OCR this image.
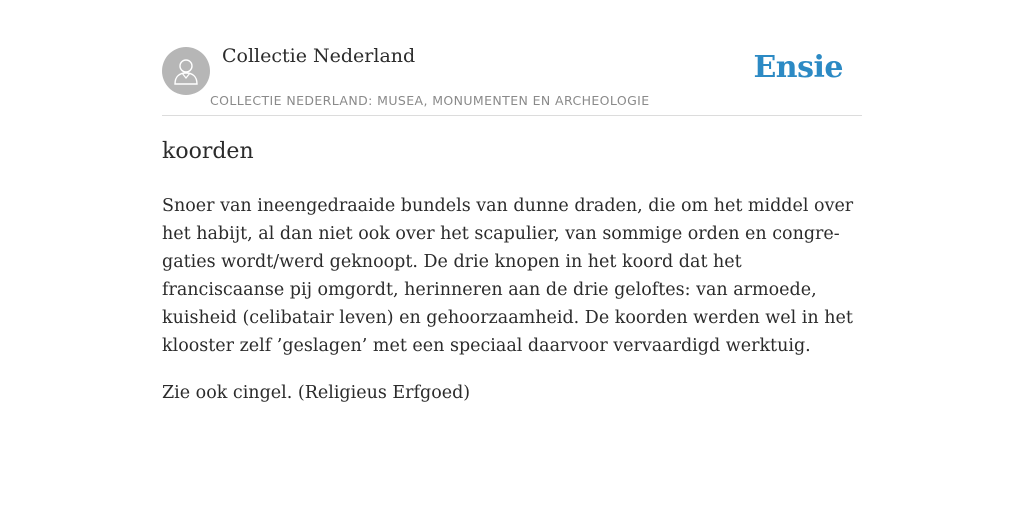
Collectie Nederland
COLLECTIE NEDERLAND: MUSEA, MONUMENTEN EN ARCHEOLOGIE
Ensie
koorden

Snoer van ineengedraaide bundels van dunne draden, die om het middel over het habijt, al dan niet ook over het scapulier, van sommige orden en congre-gaties wordt/werd geknoopt. De drie knopen in het koord dat het franciscaanse pij omgordt, herinneren aan de drie geloftes: van armoede, kuisheid (celibatair leven) en gehoorzaamheid. De koorden werden wel in het klooster zelf ’geslagen’ met een speciaal daarvoor vervaardigd werktuig.

Zie ook cingel. (Religieus Erfgoed)
